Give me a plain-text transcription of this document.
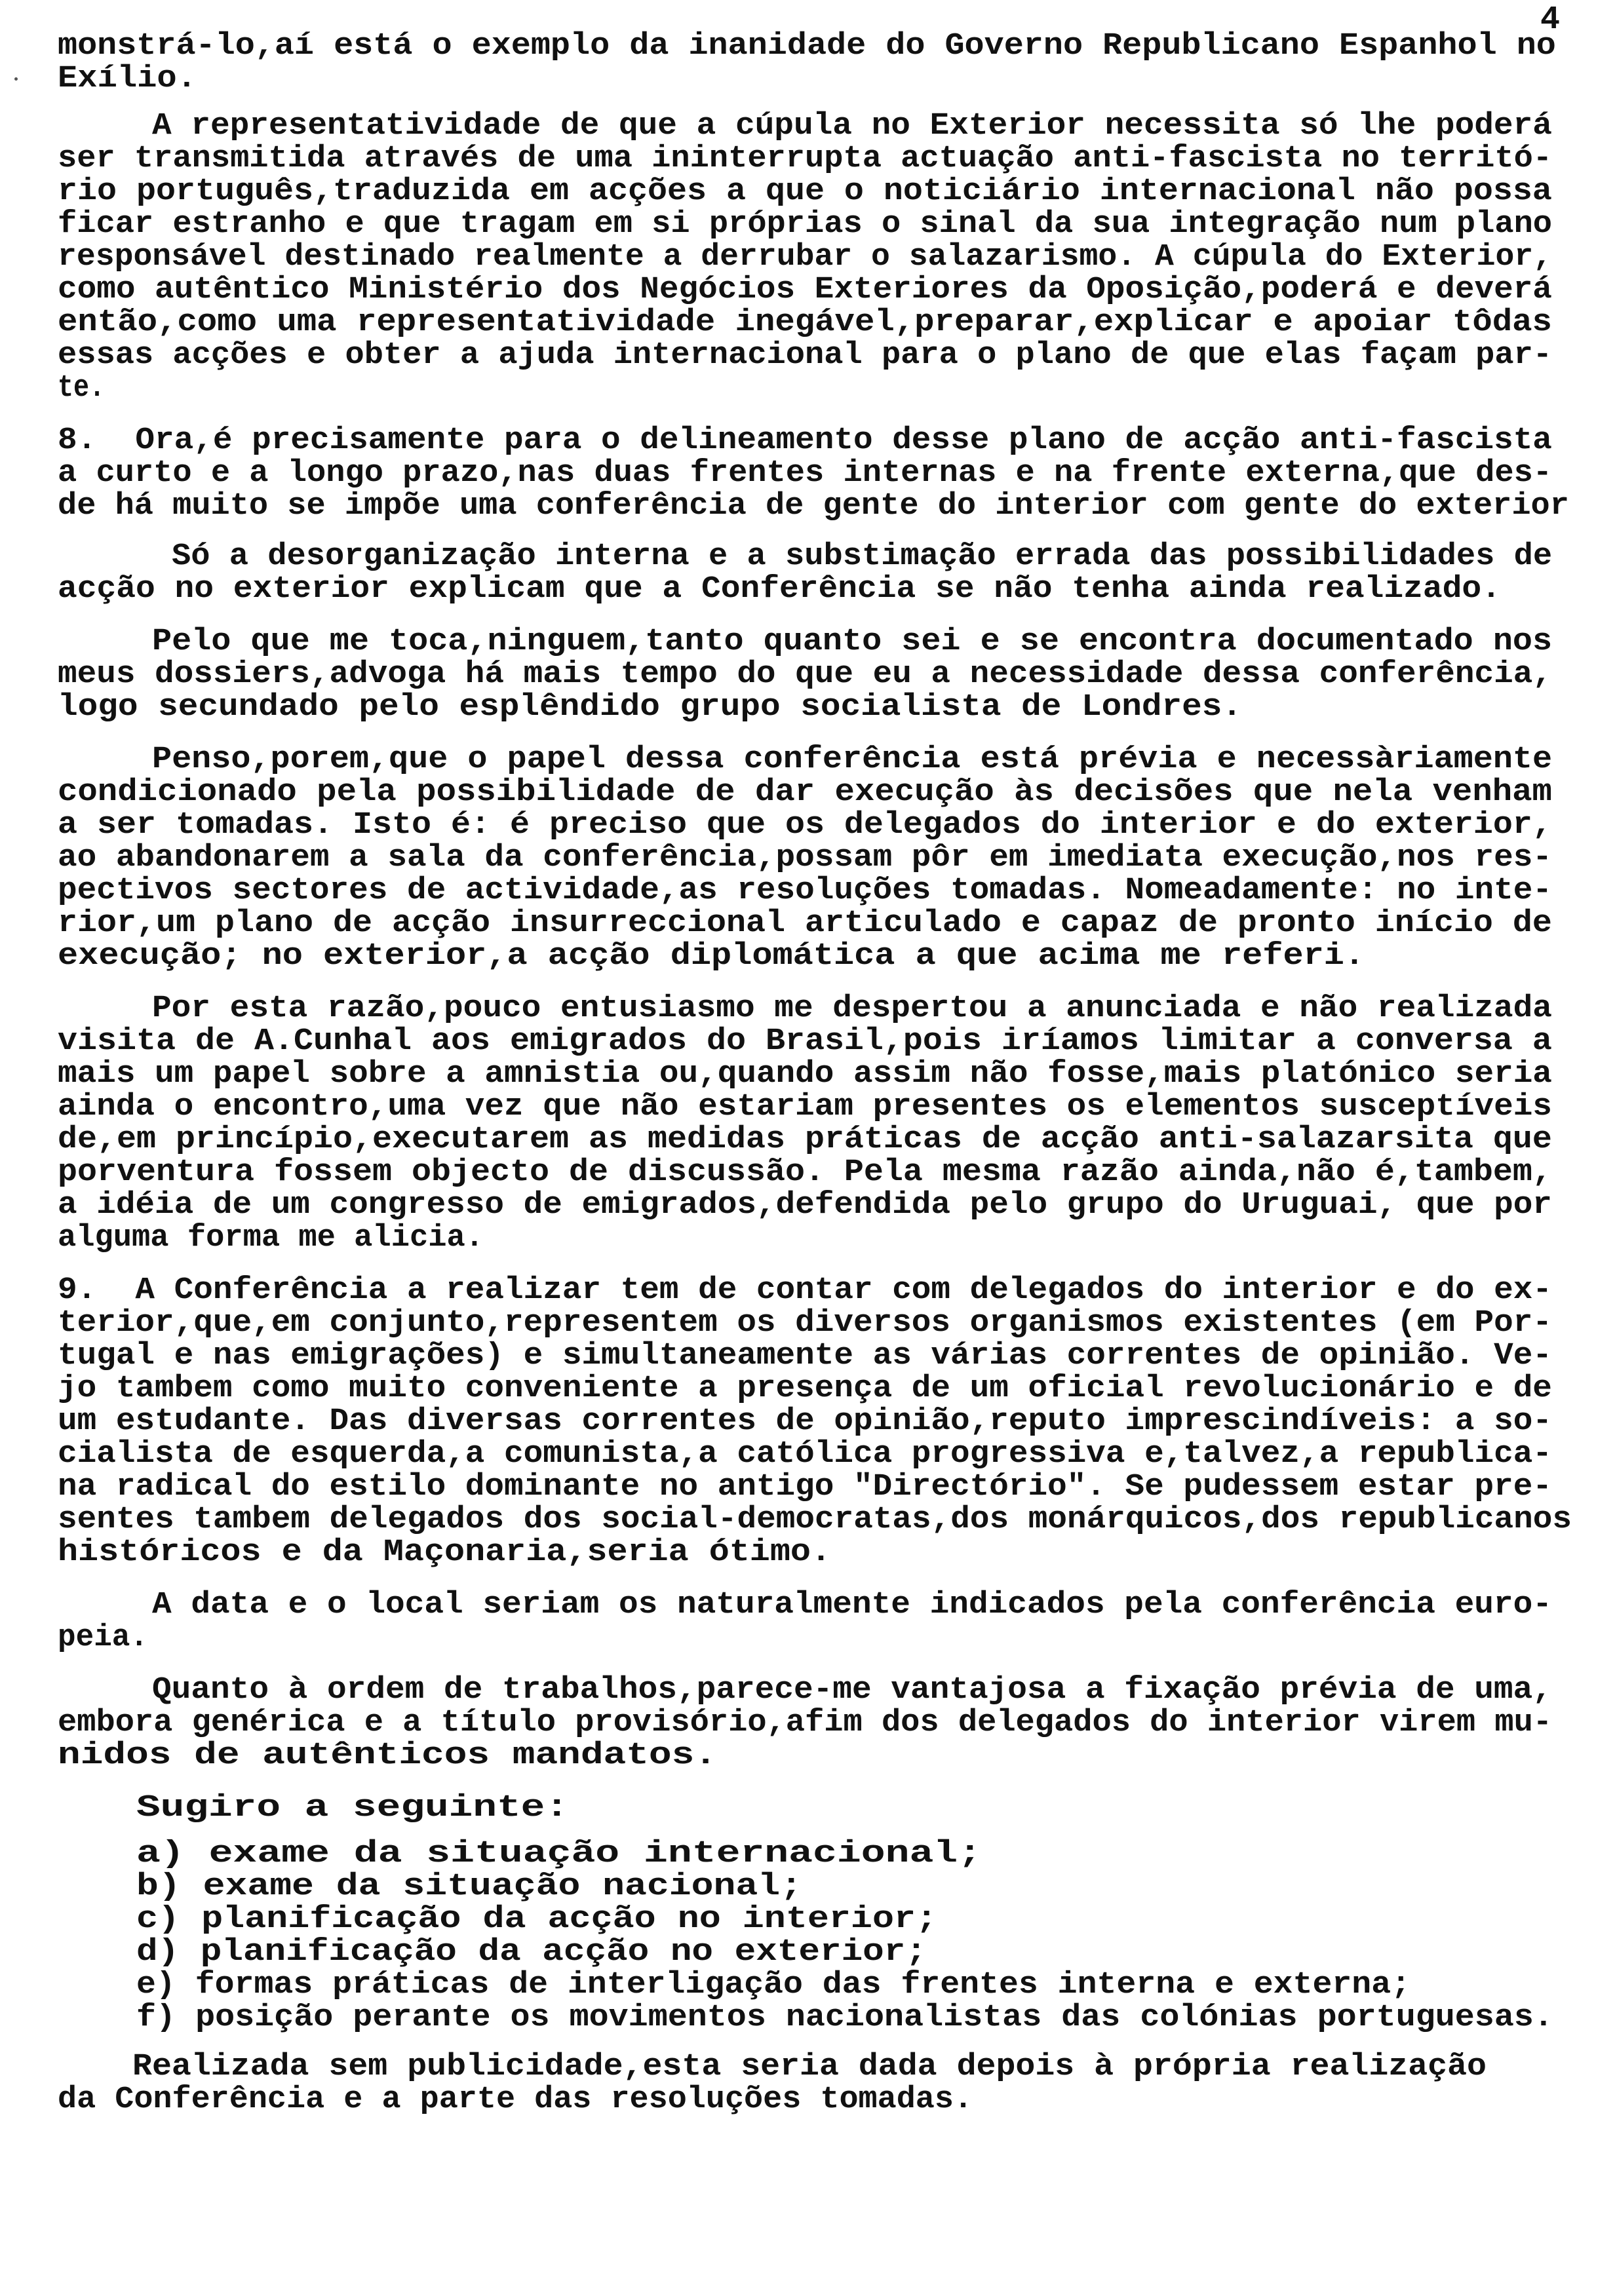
4
monstrá-lo,aí está o exemplo da inanidade do Governo Republicano Espanhol no
Exílio.
A representatividade de que a cúpula no Exterior necessita só lhe poderá
ser transmitida através de uma ininterrupta actuação anti-fascista no territó-
rio português,traduzida em acções a que o noticiário internacional não possa
ficar estranho e que tragam em si próprias o sinal da sua integração num plano
responsável destinado realmente a derrubar o salazarismo. A cúpula do Exterior,
como autêntico Ministério dos Negócios Exteriores da Oposição,poderá e deverá
então,como uma representatividade inegável,preparar,explicar e apoiar tôdas
essas acções e obter a ajuda internacional para o plano de que elas façam par-
te.
8.  Ora,é precisamente para o delineamento desse plano de acção anti-fascista
a curto e a longo prazo,nas duas frentes internas e na frente externa,que des-
de há muito se impõe uma conferência de gente do interior com gente do exterior
Só a desorganização interna e a substimação errada das possibilidades de
acção no exterior explicam que a Conferência se não tenha ainda realizado.
Pelo que me toca,ninguem,tanto quanto sei e se encontra documentado nos
meus dossiers,advoga há mais tempo do que eu a necessidade dessa conferência,
logo secundado pelo esplêndido grupo socialista de Londres.
Penso,porem,que o papel dessa conferência está prévia e necessàriamente
condicionado pela possibilidade de dar execução às decisões que nela venham
a ser tomadas. Isto é: é preciso que os delegados do interior e do exterior,
ao abandonarem a sala da conferência,possam pôr em imediata execução,nos res-
pectivos sectores de actividade,as resoluções tomadas. Nomeadamente: no inte-
rior,um plano de acção insurreccional articulado e capaz de pronto início de
execução; no exterior,a acção diplomática a que acima me referi.
Por esta razão,pouco entusiasmo me despertou a anunciada e não realizada
visita de A.Cunhal aos emigrados do Brasil,pois iríamos limitar a conversa a
mais um papel sobre a amnistia ou,quando assim não fosse,mais platónico seria
ainda o encontro,uma vez que não estariam presentes os elementos susceptíveis
de,em princípio,executarem as medidas práticas de acção anti-salazarsita que
porventura fossem objecto de discussão. Pela mesma razão ainda,não é,tambem,
a idéia de um congresso de emigrados,defendida pelo grupo do Uruguai, que por
alguma forma me alicia.
9.  A Conferência a realizar tem de contar com delegados do interior e do ex-
terior,que,em conjunto,representem os diversos organismos existentes (em Por-
tugal e nas emigrações) e simultaneamente as várias correntes de opinião. Ve-
jo tambem como muito conveniente a presença de um oficial revolucionário e de
um estudante. Das diversas correntes de opinião,reputo imprescindíveis: a so-
cialista de esquerda,a comunista,a católica progressiva e,talvez,a republica-
na radical do estilo dominante no antigo "Directório". Se pudessem estar pre-
sentes tambem delegados dos social-democratas,dos monárquicos,dos republicanos
históricos e da Maçonaria,seria ótimo.
A data e o local seriam os naturalmente indicados pela conferência euro-
peia.
Quanto à ordem de trabalhos,parece-me vantajosa a fixação prévia de uma,
embora genérica e a título provisório,afim dos delegados do interior virem mu-
nidos de autênticos mandatos.
Sugiro a seguinte:
a) exame da situação internacional;
b) exame da situação nacional;
c) planificação da acção no interior;
d) planificação da acção no exterior;
e) formas práticas de interligação das frentes interna e externa;
f) posição perante os movimentos nacionalistas das colónias portuguesas.
Realizada sem publicidade,esta seria dada depois à própria realização
da Conferência e a parte das resoluções tomadas.
